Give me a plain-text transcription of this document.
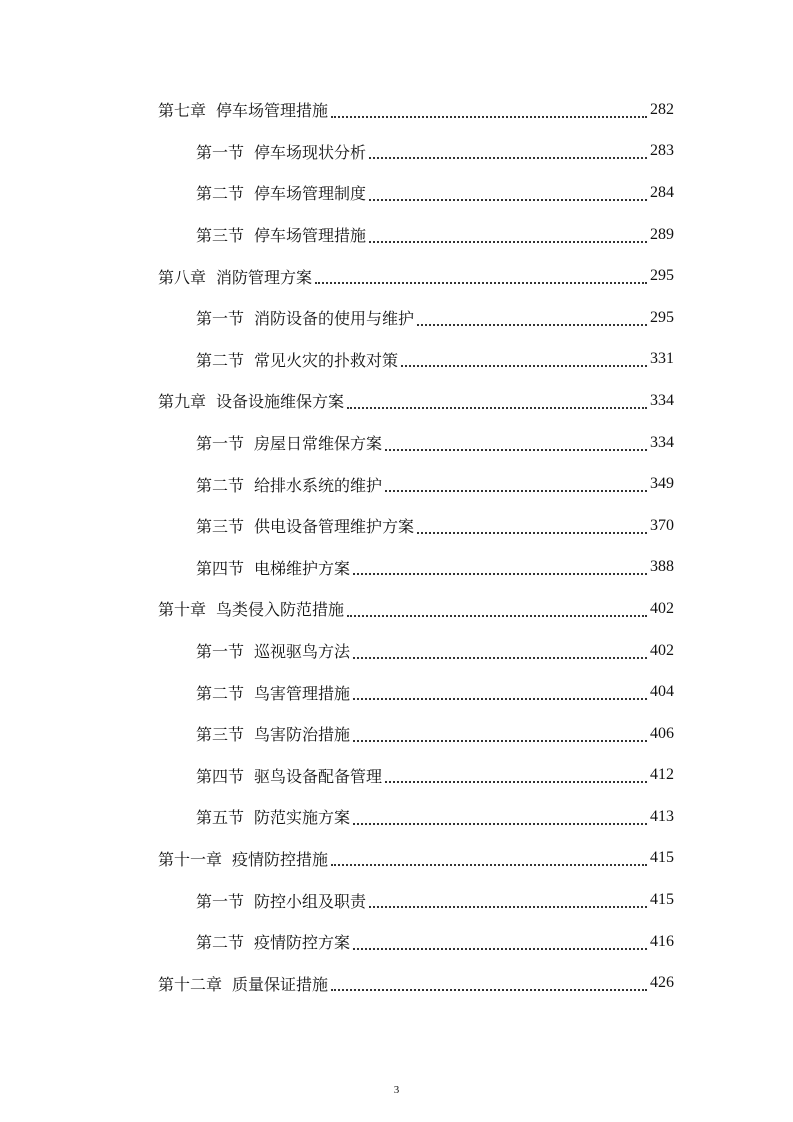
第七章 停车场管理措施	282
第一节 停车场现状分析	283
第二节 停车场管理制度	284
第三节 停车场管理措施	289
第八章 消防管理方案	295
第一节 消防设备的使用与维护	295
第二节 常见火灾的扑救对策	331
第九章 设备设施维保方案	334
第一节 房屋日常维保方案	334
第二节 给排水系统的维护	349
第三节 供电设备管理维护方案	370
第四节 电梯维护方案	388
第十章 鸟类侵入防范措施	402
第一节 巡视驱鸟方法	402
第二节 鸟害管理措施	404
第三节 鸟害防治措施	406
第四节 驱鸟设备配备管理	412
第五节 防范实施方案	413
第十一章 疫情防控措施	415
第一节 防控小组及职责	415
第二节 疫情防控方案	416
第十二章 质量保证措施	426
3
